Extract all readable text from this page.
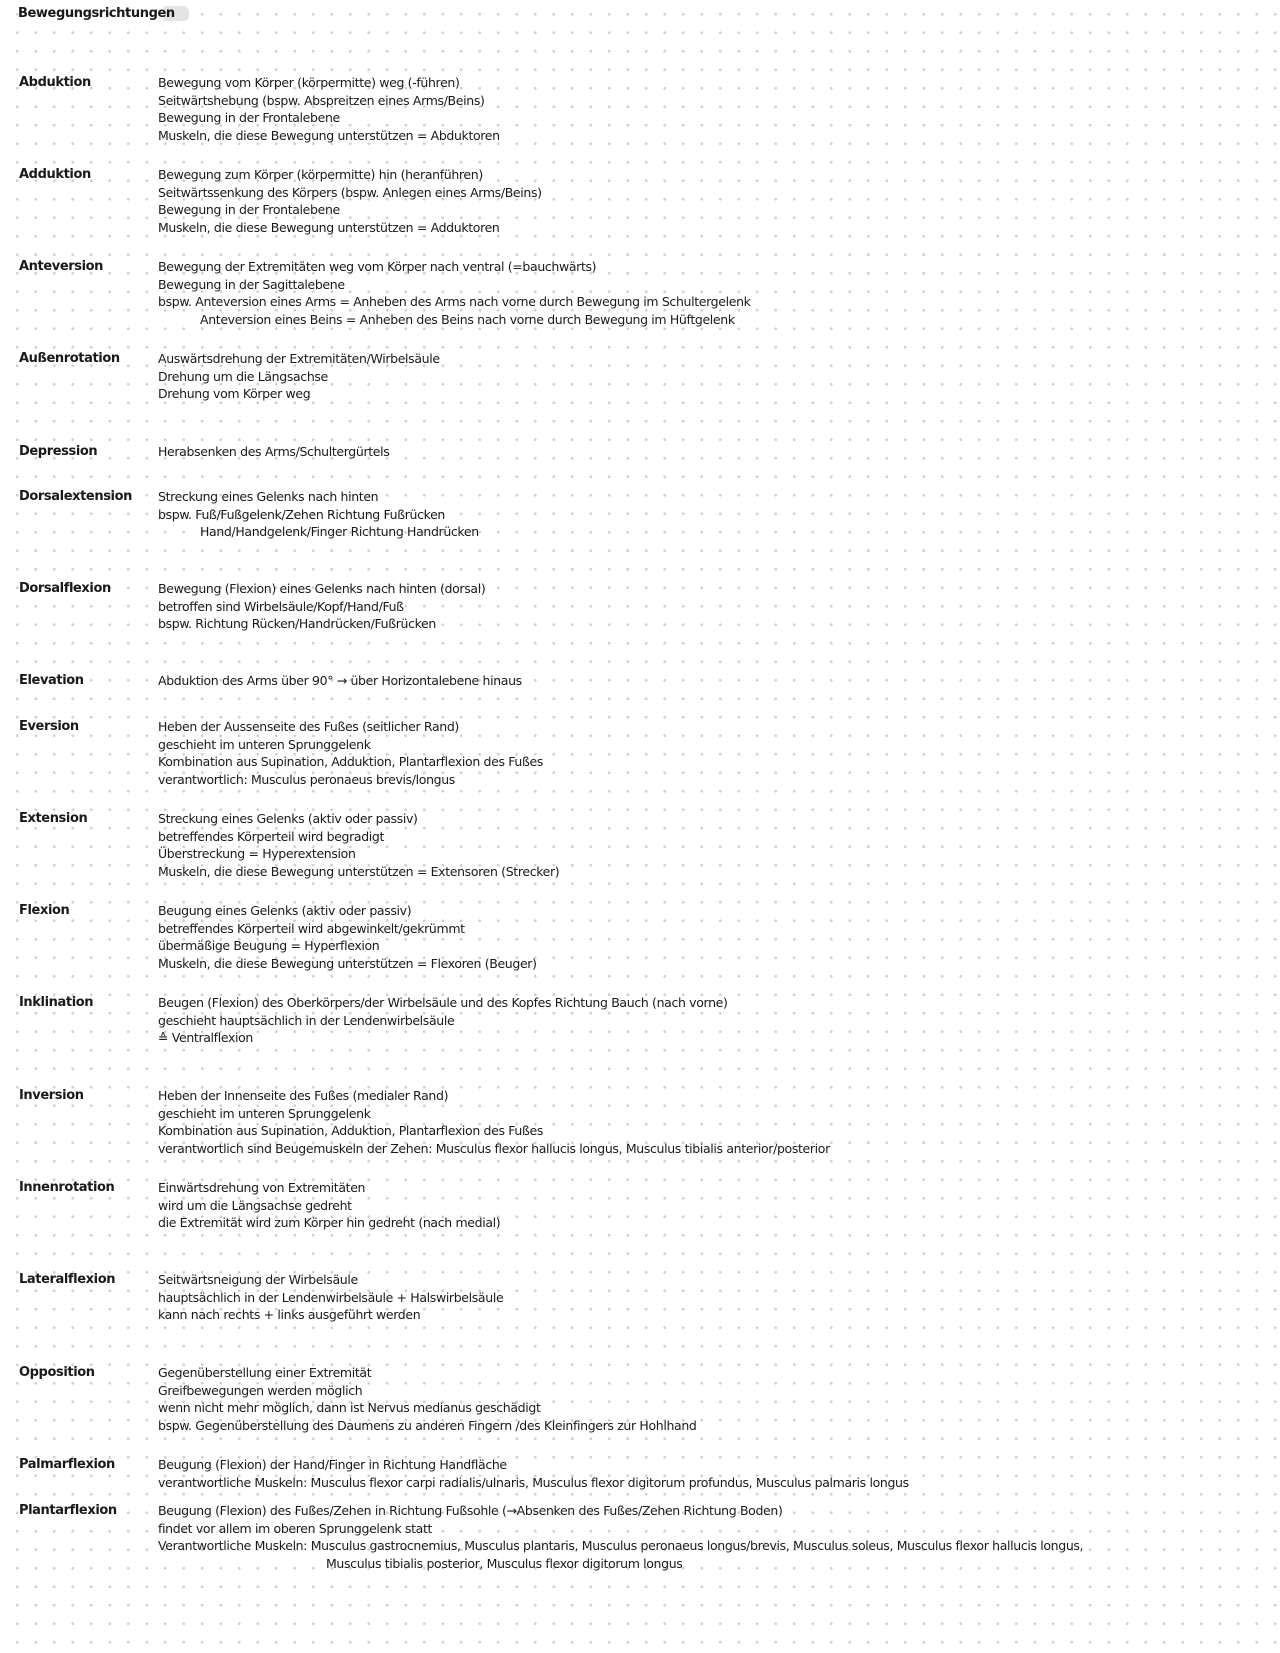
Bewegungsrichtungen
Abduktion	Bewegung vom Körper (körpermitte) weg (-führen)
Seitwärtshebung (bspw. Abspreitzen eines Arms/Beins)
Bewegung in der Frontalebene
Muskeln, die diese Bewegung unterstützen = Abduktoren
Adduktion	Bewegung zum Körper (körpermitte) hin (heranführen)
Seitwärtssenkung des Körpers (bspw. Anlegen eines Arms/Beins)
Bewegung in der Frontalebene
Muskeln, die diese Bewegung unterstützen = Adduktoren
Anteversion	Bewegung der Extremitäten weg vom Körper nach ventral (=bauchwärts)
Bewegung in der Sagittalebene
bspw. Anteversion eines Arms = Anheben des Arms nach vorne durch Bewegung im Schultergelenk
Anteversion eines Beins = Anheben des Beins nach vorne durch Bewegung im Hüftgelenk
Außenrotation	Auswärtsdrehung der Extremitäten/Wirbelsäule
Drehung um die Längsachse
Drehung vom Körper weg
Depression	Herabsenken des Arms/Schultergürtels
Dorsalextension Streckung eines Gelenks nach hinten
bspw. Fuß/Fußgelenk/Zehen Richtung Fußrücken
Hand/Handgelenk/Finger Richtung Handrücken
Dorsalflexion	Bewegung (Flexion) eines Gelenks nach hinten (dorsal)
betroffen sind Wirbelsäule/Kopf/Hand/Fuß
bspw. Richtung Rücken/Handrücken/Fußrücken
Elevation	Abduktion des Arms über 90° → über Horizontalebene hinaus
Eversion	Heben der Aussenseite des Fußes (seitlicher Rand)
geschieht im unteren Sprunggelenk
Kombination aus Supination, Adduktion, Plantarflexion des Fußes
verantwortlich: Musculus peronaeus brevis/longus
Extension	Streckung eines Gelenks (aktiv oder passiv)
betreffendes Körperteil wird begradigt
Überstreckung = Hyperextension
Muskeln, die diese Bewegung unterstützen = Extensoren (Strecker)
Flexion	Beugung eines Gelenks (aktiv oder passiv)
betreffendes Körperteil wird abgewinkelt/gekrümmt
übermäßige Beugung = Hyperflexion
Muskeln, die diese Bewegung unterstützen = Flexoren (Beuger)
Inklination	Beugen (Flexion) des Oberkörpers/der Wirbelsäule und des Kopfes Richtung Bauch (nach vorne)
geschieht hauptsächlich in der Lendenwirbelsäule
≙ Ventralflexion
Inversion	Heben der Innenseite des Fußes (medialer Rand)
geschieht im unteren Sprunggelenk
Kombination aus Supination, Adduktion, Plantarflexion des Fußes
verantwortlich sind Beugemuskeln der Zehen: Musculus flexor hallucis longus, Musculus tibialis anterior/posterior
Innenrotation	Einwärtsdrehung von Extremitäten
wird um die Längsachse gedreht
die Extremität wird zum Körper hin gedreht (nach medial)
Lateralflexion	Seitwärtsneigung der Wirbelsäule
hauptsächlich in der Lendenwirbelsäule + Halswirbelsäule
kann nach rechts + links ausgeführt werden
Opposition	Gegenüberstellung einer Extremität
Greifbewegungen werden möglich
wenn nicht mehr möglich, dann ist Nervus medianus geschädigt
bspw. Gegenüberstellung des Daumens zu anderen Fingern /des Kleinfingers zur Hohlhand
Palmarflexion	Beugung (Flexion) der Hand/Finger in Richtung Handfläche
verantwortliche Muskeln: Musculus flexor carpi radialis/ulnaris, Musculus flexor digitorum profundus, Musculus palmaris longus
Plantarflexion	Beugung (Flexion) des Fußes/Zehen in Richtung Fußsohle (→Absenken des Fußes/Zehen Richtung Boden)
findet vor allem im oberen Sprunggelenk statt
Verantwortliche Muskeln: Musculus gastrocnemius, Musculus plantaris, Musculus peronaeus longus/brevis, Musculus soleus, Musculus flexor hallucis longus,
Musculus tibialis posterior, Musculus flexor digitorum longus
